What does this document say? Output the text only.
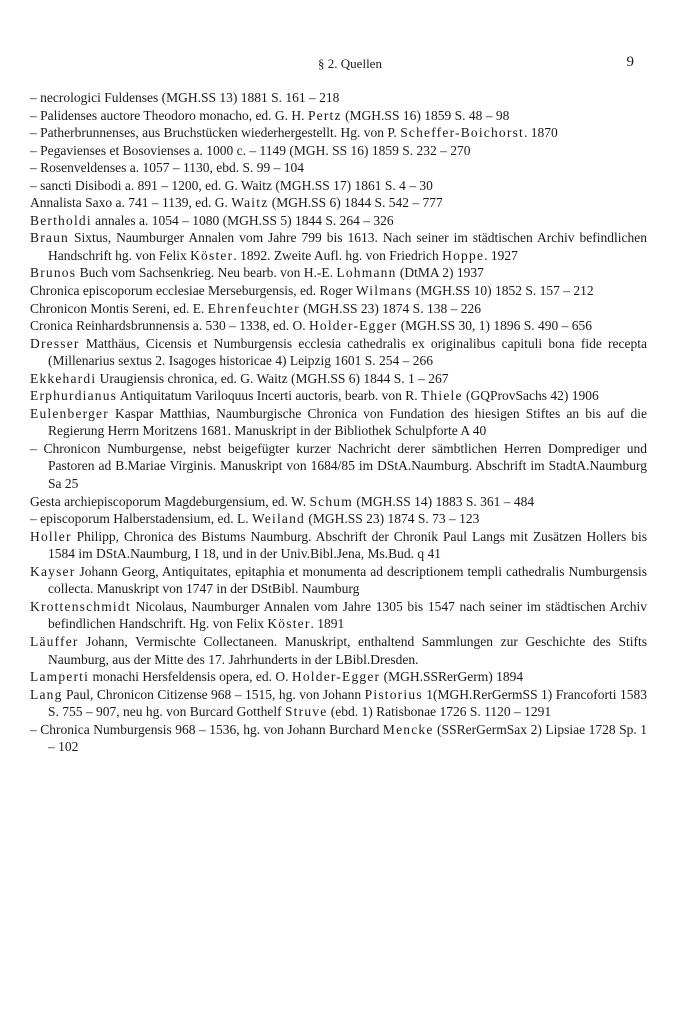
§ 2. Quellen	9
– necrologici Fuldenses (MGH.SS 13) 1881 S. 161 – 218
– Palidenses auctore Theodoro monacho, ed. G. H. Pertz (MGH.SS 16) 1859 S. 48 – 98
– Patherbrunnenses, aus Bruchstücken wiederhergestellt. Hg. von P. Scheffer-Boichorst. 1870
– Pegavienses et Bosovienses a. 1000 c. – 1149 (MGH. SS 16) 1859 S. 232 – 270
– Rosenveldenses a. 1057 – 1130, ebd. S. 99 – 104
– sancti Disibodi a. 891 – 1200, ed. G. Waitz (MGH.SS 17) 1861 S. 4 – 30
Annalista Saxo a. 741 – 1139, ed. G. Waitz (MGH.SS 6) 1844 S. 542 – 777
Bertholdi annales a. 1054 – 1080 (MGH.SS 5) 1844 S. 264 – 326
Braun Sixtus, Naumburger Annalen vom Jahre 799 bis 1613. Nach seiner im städtischen Archiv befindlichen Handschrift hg. von Felix Köster. 1892. Zweite Aufl. hg. von Friedrich Hoppe. 1927
Brunos Buch vom Sachsenkrieg. Neu bearb. von H.-E. Lohmann (DtMA 2) 1937
Chronica episcoporum ecclesiae Merseburgensis, ed. Roger Wilmans (MGH.SS 10) 1852 S. 157 – 212
Chronicon Montis Sereni, ed. E. Ehrenfeuchter (MGH.SS 23) 1874 S. 138 – 226
Cronica Reinhardsbrunnensis a. 530 – 1338, ed. O. Holder-Egger (MGH.SS 30, 1) 1896 S. 490 – 656
Dresser Matthäus, Cicensis et Numburgensis ecclesia cathedralis ex originalibus capituli bona fide recepta (Millenarius sextus 2. Isagoges historicae 4) Leipzig 1601 S. 254 – 266
Ekkehardi Uraugiensis chronica, ed. G. Waitz (MGH.SS 6) 1844 S. 1 – 267
Erphurdianus Antiquitatum Variloquus Incerti auctoris, bearb. von R. Thiele (GQProvSachs 42) 1906
Eulenberger Kaspar Matthias, Naumburgische Chronica von Fundation des hiesigen Stiftes an bis auf die Regierung Herrn Moritzens 1681. Manuskript in der Bibliothek Schulpforte A 40
– Chronicon Numburgense, nebst beigefügter kurzer Nachricht derer sämbtlichen Herren Domprediger und Pastoren ad B.Mariae Virginis. Manuskript von 1684/85 im DStA.Naumburg. Abschrift im StadtA.Naumburg Sa 25
Gesta archiepiscoporum Magdeburgensium, ed. W. Schum (MGH.SS 14) 1883 S. 361 – 484
– episcoporum Halberstadensium, ed. L. Weiland (MGH.SS 23) 1874 S. 73 – 123
Holler Philipp, Chronica des Bistums Naumburg. Abschrift der Chronik Paul Langs mit Zusätzen Hollers bis 1584 im DStA.Naumburg, I 18, und in der Univ.Bibl.Jena, Ms.Bud. q 41
Kayser Johann Georg, Antiquitates, epitaphia et monumenta ad descriptionem templi cathedralis Numburgensis collecta. Manuskript von 1747 in der DStBibl. Naumburg
Krottenschmidt Nicolaus, Naumburger Annalen vom Jahre 1305 bis 1547 nach seiner im städtischen Archiv befindlichen Handschrift. Hg. von Felix Köster. 1891
Läuffer Johann, Vermischte Collectaneen. Manuskript, enthaltend Sammlungen zur Geschichte des Stifts Naumburg, aus der Mitte des 17. Jahrhunderts in der LBibl.Dresden.
Lamperti monachi Hersfeldensis opera, ed. O. Holder-Egger (MGH.SSRerGerm) 1894
Lang Paul, Chronicon Citizense 968 – 1515, hg. von Johann Pistorius 1(MGH.RerGermSS 1) Francoforti 1583 S. 755 – 907, neu hg. von Burcard Gotthelf Struve (ebd. 1) Ratisbonae 1726 S. 1120 – 1291
– Chronica Numburgensis 968 – 1536, hg. von Johann Burchard Mencke (SSRerGermSax 2) Lipsiae 1728 Sp. 1 – 102
